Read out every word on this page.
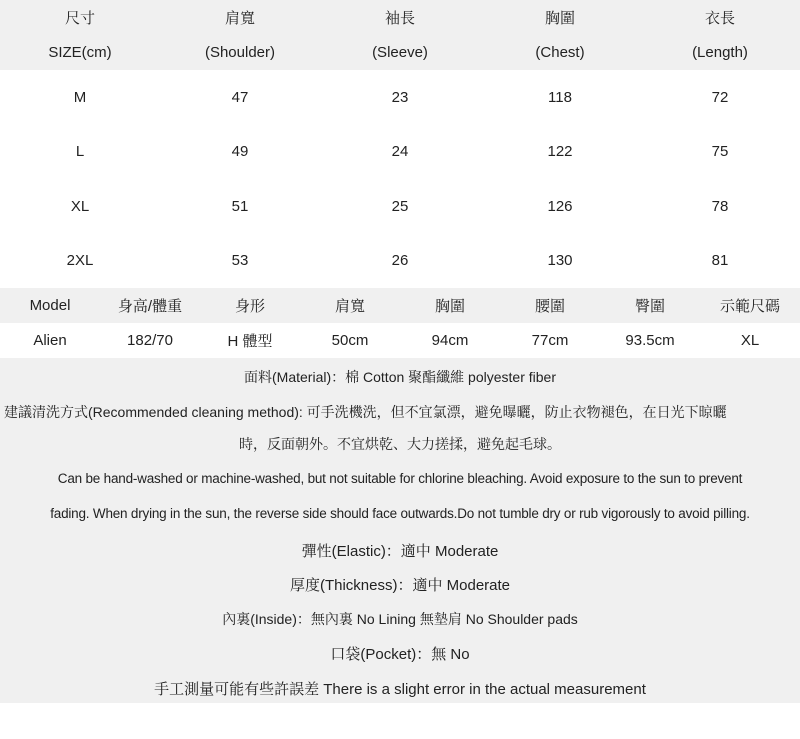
尺寸	肩寬	袖長	胸圍	衣長
SIZE(cm)	(Shoulder)	(Sleeve)	(Chest)	(Length)
M	47	23	118	72
L	49	24	122	75
XL	51	25	126	78
2XL	53	26	130	81
Model	身高/體重	身形	肩寬	胸圍	腰圍	臀圍	示範尺碼
Alien	182/70	H 體型	50cm	94cm	77cm	93.5cm	XL
面料(Material)：棉 Cotton 聚酯纖維 polyester fiber
建議清洗方式(Recommended cleaning method): 可手洗機洗，但不宜氯漂，避免曝曬，防止衣物褪色，在日光下晾曬
時，反面朝外。不宜烘乾、大力搓揉，避免起毛球。
Can be hand-washed or machine-washed, but not suitable for chlorine bleaching. Avoid exposure to the sun to prevent
fading. When drying in the sun, the reverse side should face outwards.Do not tumble dry or rub vigorously to avoid pilling.
彈性(Elastic)：適中 Moderate
厚度(Thickness)：適中 Moderate
內裏(Inside)：無內裏 No Lining 無墊肩 No Shoulder pads
口袋(Pocket)：無 No
手工測量可能有些許誤差 There is a slight error in the actual measurement
